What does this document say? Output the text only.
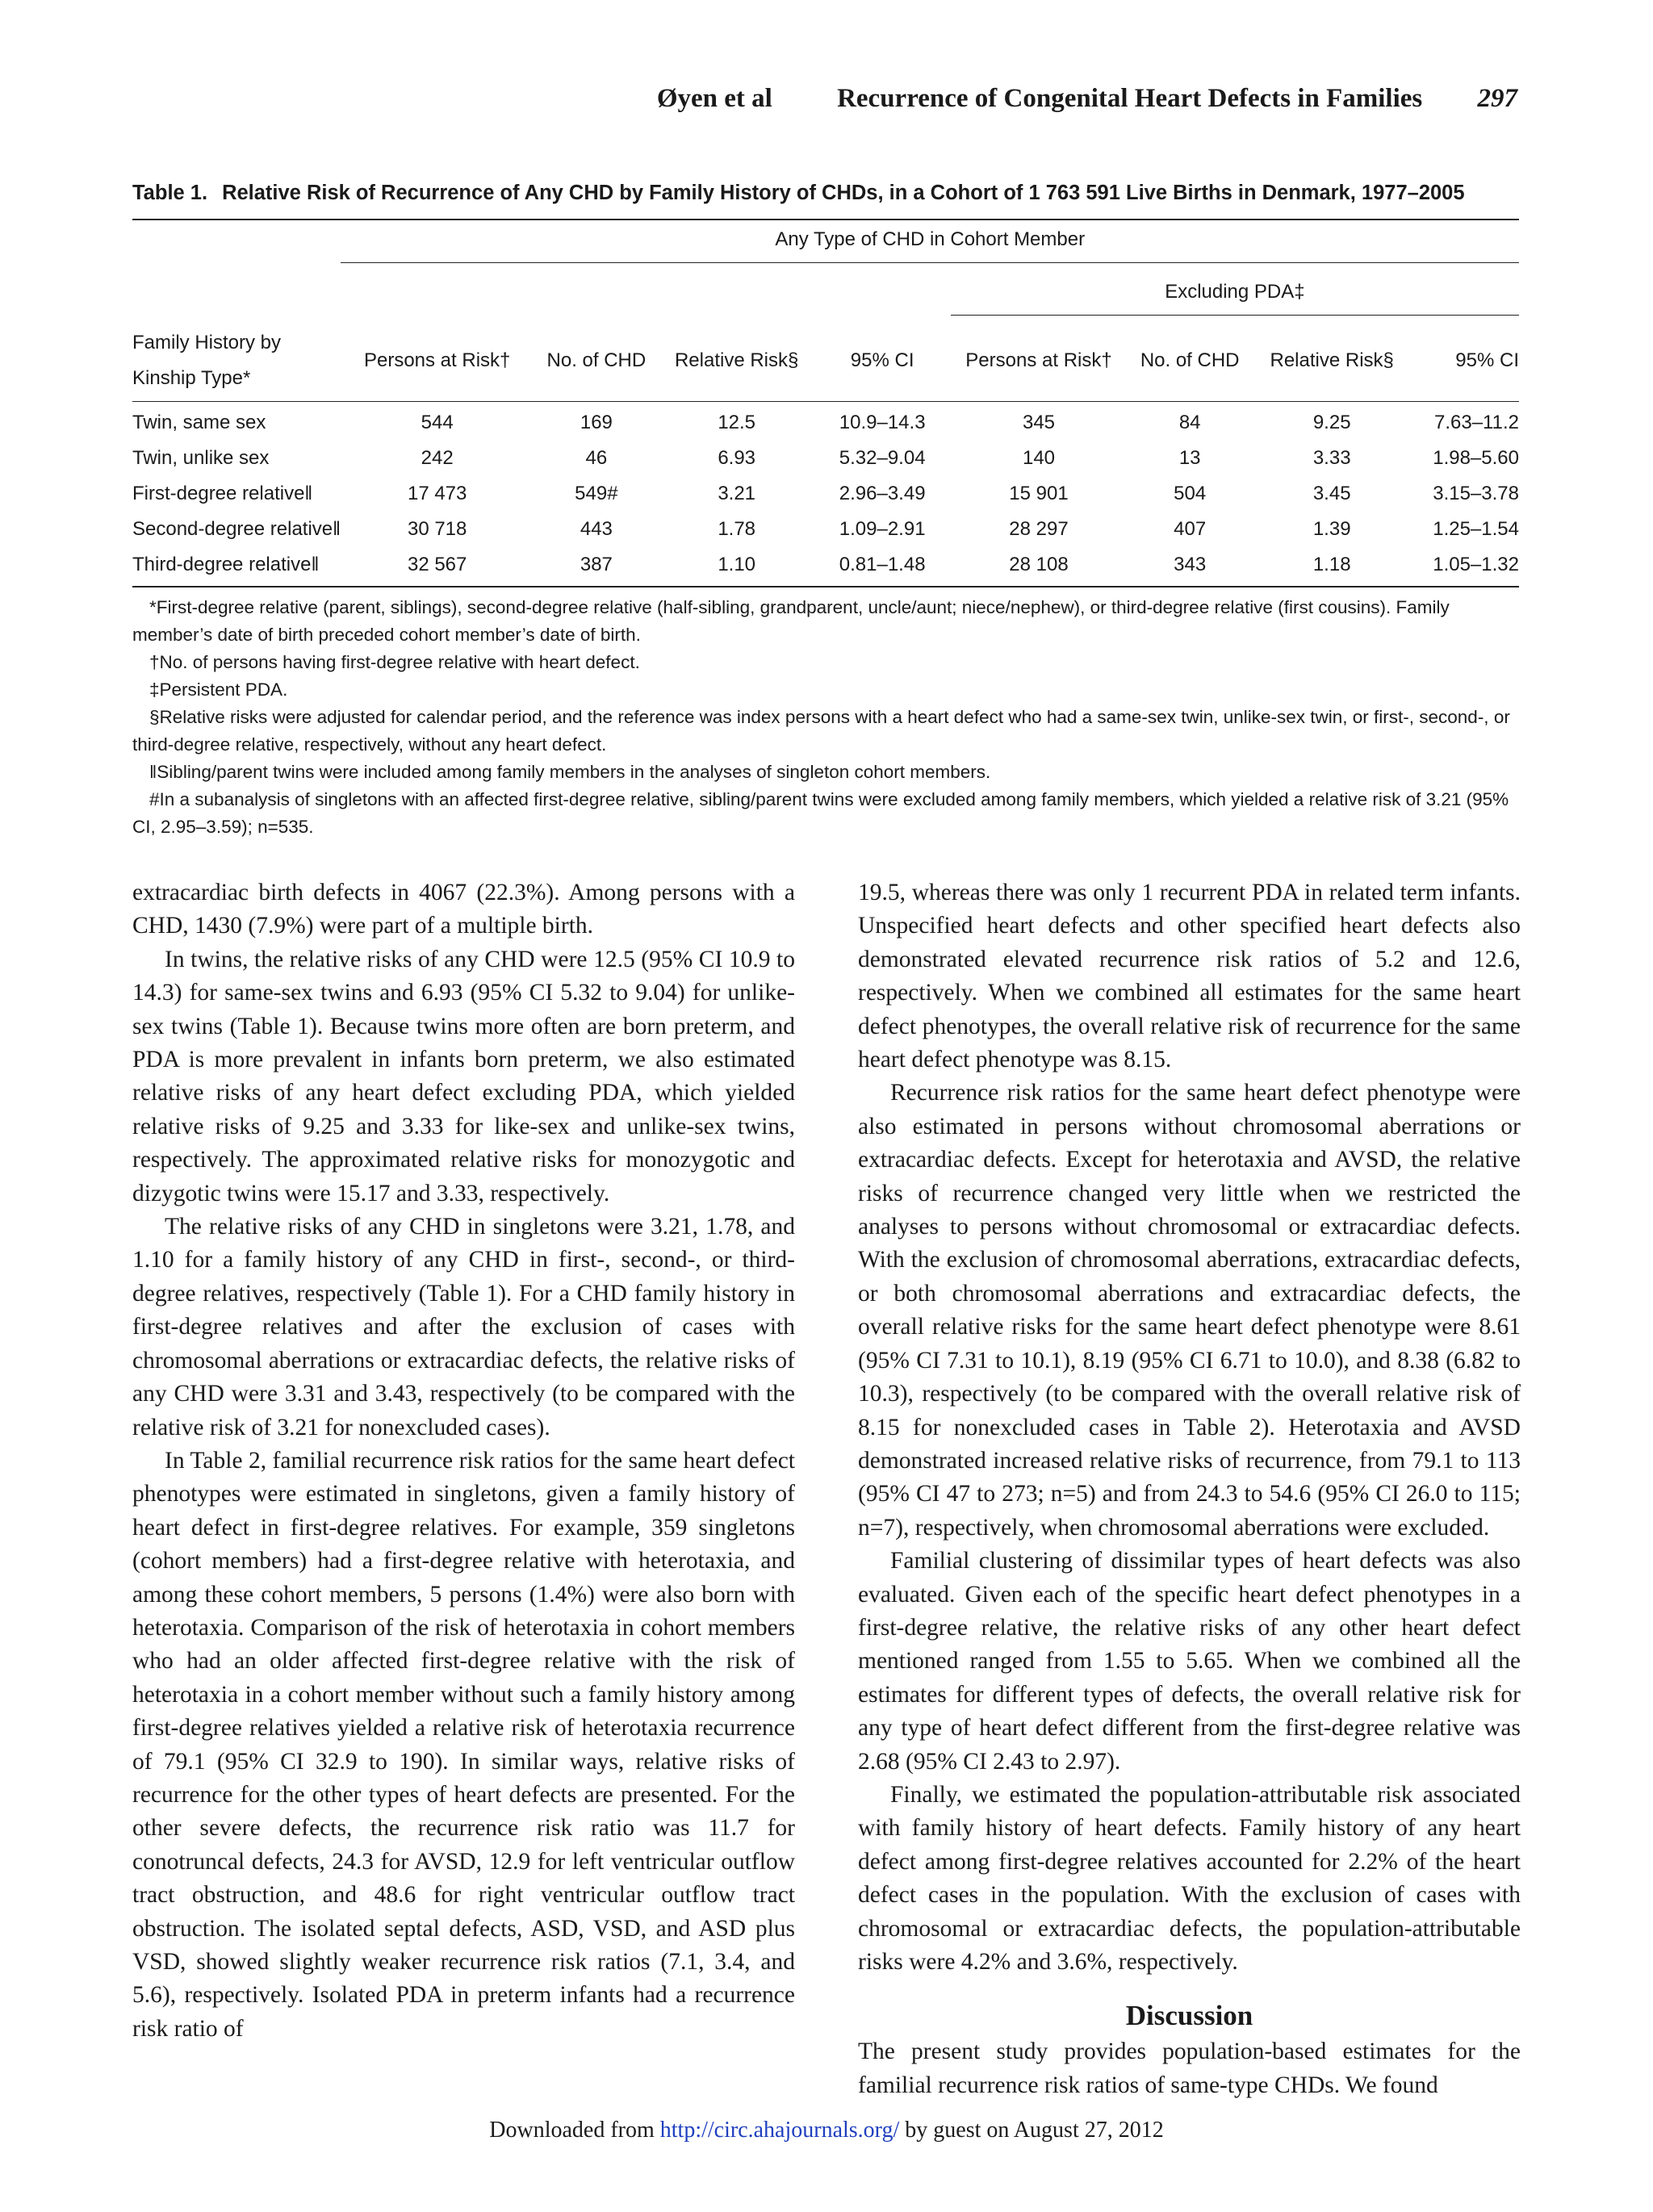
Øyen et al Recurrence of Congenital Heart Defects in Families 297

Table 1. Relative Risk of Recurrence of Any CHD by Family History of CHDs, in a Cohort of 1 763 591 Live Births in Denmark, 1977–2005

	Any Type of CHD in Cohort Member							
					Excluding PDA‡			
Family History by Kinship Type*	Persons at Risk†	No. of CHD	Relative Risk§	95% CI	Persons at Risk†	No. of CHD	Relative Risk§	95% CI
Twin, same sex	544	169	12.5	10.9–14.3	345	84	9.25	7.63–11.2
Twin, unlike sex	242	46	6.93	5.32–9.04	140	13	3.33	1.98–5.60
First-degree relative‖	17 473	549#	3.21	2.96–3.49	15 901	504	3.45	3.15–3.78
Second-degree relative‖	30 718	443	1.78	1.09–2.91	28 297	407	1.39	1.25–1.54
Third-degree relative‖	32 567	387	1.10	0.81–1.48	28 108	343	1.18	1.05–1.32

*First-degree relative (parent, siblings), second-degree relative (half-sibling, grandparent, uncle/aunt; niece/nephew), or third-degree relative (first cousins). Family member’s date of birth preceded cohort member’s date of birth.

†No. of persons having first-degree relative with heart defect.

‡Persistent PDA.

§Relative risks were adjusted for calendar period, and the reference was index persons with a heart defect who had a same-sex twin, unlike-sex twin, or first-, second-, or third-degree relative, respectively, without any heart defect.

‖Sibling/parent twins were included among family members in the analyses of singleton cohort members.

#In a subanalysis of singletons with an affected first-degree relative, sibling/parent twins were excluded among family members, which yielded a relative risk of 3.21 (95% CI, 2.95–3.59); n=535.

extracardiac birth defects in 4067 (22.3%). Among persons with a CHD, 1430 (7.9%) were part of a multiple birth.

In twins, the relative risks of any CHD were 12.5 (95% CI 10.9 to 14.3) for same-sex twins and 6.93 (95% CI 5.32 to 9.04) for unlike-sex twins (Table 1). Because twins more often are born preterm, and PDA is more prevalent in infants born preterm, we also estimated relative risks of any heart defect excluding PDA, which yielded relative risks of 9.25 and 3.33 for like-sex and unlike-sex twins, respectively. The approximated relative risks for monozygotic and dizygotic twins were 15.17 and 3.33, respectively.

The relative risks of any CHD in singletons were 3.21, 1.78, and 1.10 for a family history of any CHD in first-, second-, or third-degree relatives, respectively (Table 1). For a CHD family history in first-degree relatives and after the exclusion of cases with chromosomal aberrations or extracardiac defects, the relative risks of any CHD were 3.31 and 3.43, respectively (to be compared with the relative risk of 3.21 for nonexcluded cases).

In Table 2, familial recurrence risk ratios for the same heart defect phenotypes were estimated in singletons, given a family history of heart defect in first-degree relatives. For example, 359 singletons (cohort members) had a first-degree relative with heterotaxia, and among these cohort members, 5 persons (1.4%) were also born with heterotaxia. Comparison of the risk of heterotaxia in cohort members who had an older affected first-degree relative with the risk of heterotaxia in a cohort member without such a family history among first-degree relatives yielded a relative risk of heterotaxia recurrence of 79.1 (95% CI 32.9 to 190). In similar ways, relative risks of recurrence for the other types of heart defects are presented. For the other severe defects, the recurrence risk ratio was 11.7 for conotruncal defects, 24.3 for AVSD, 12.9 for left ventricular outflow tract obstruction, and 48.6 for right ventricular outflow tract obstruction. The isolated septal defects, ASD, VSD, and ASD plus VSD, showed slightly weaker recurrence risk ratios (7.1, 3.4, and 5.6), respectively. Isolated PDA in preterm infants had a recurrence risk ratio of

19.5, whereas there was only 1 recurrent PDA in related term infants. Unspecified heart defects and other specified heart defects also demonstrated elevated recurrence risk ratios of 5.2 and 12.6, respectively. When we combined all estimates for the same heart defect phenotypes, the overall relative risk of recurrence for the same heart defect phenotype was 8.15.

Recurrence risk ratios for the same heart defect phenotype were also estimated in persons without chromosomal aberrations or extracardiac defects. Except for heterotaxia and AVSD, the relative risks of recurrence changed very little when we restricted the analyses to persons without chromosomal or extracardiac defects. With the exclusion of chromosomal aberrations, extracardiac defects, or both chromosomal aberrations and extracardiac defects, the overall relative risks for the same heart defect phenotype were 8.61 (95% CI 7.31 to 10.1), 8.19 (95% CI 6.71 to 10.0), and 8.38 (6.82 to 10.3), respectively (to be compared with the overall relative risk of 8.15 for nonexcluded cases in Table 2). Heterotaxia and AVSD demonstrated increased relative risks of recurrence, from 79.1 to 113 (95% CI 47 to 273; n=5) and from 24.3 to 54.6 (95% CI 26.0 to 115; n=7), respectively, when chromosomal aberrations were excluded.

Familial clustering of dissimilar types of heart defects was also evaluated. Given each of the specific heart defect phenotypes in a first-degree relative, the relative risks of any other heart defect mentioned ranged from 1.55 to 5.65. When we combined all the estimates for different types of defects, the overall relative risk for any type of heart defect different from the first-degree relative was 2.68 (95% CI 2.43 to 2.97).

Finally, we estimated the population-attributable risk associated with family history of heart defects. Family history of any heart defect among first-degree relatives accounted for 2.2% of the heart defect cases in the population. With the exclusion of cases with chromosomal or extracardiac defects, the population-attributable risks were 4.2% and 3.6%, respectively.

Discussion

The present study provides population-based estimates for the familial recurrence risk ratios of same-type CHDs. We found

Downloaded from http://circ.ahajournals.org/ by guest on August 27, 2012
